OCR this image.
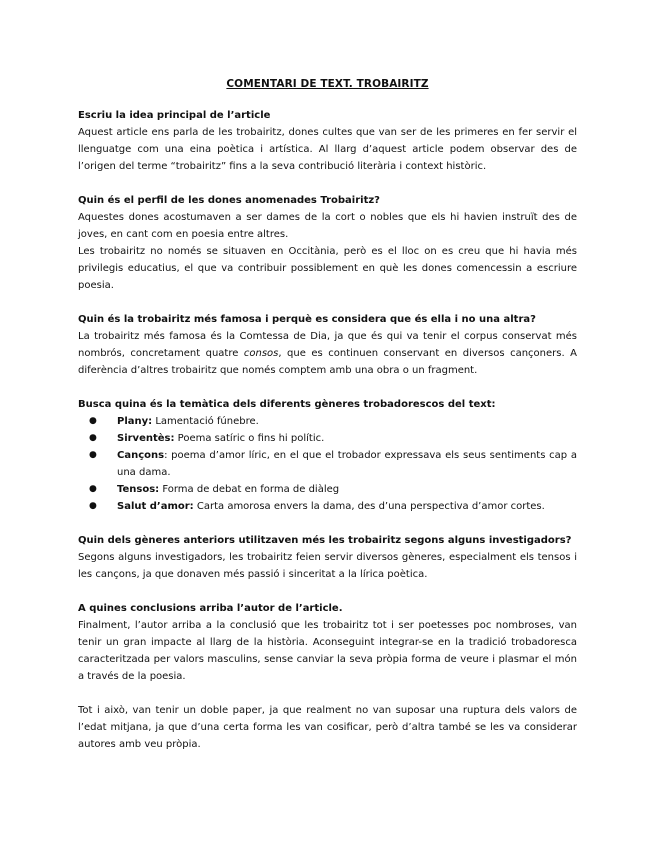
COMENTARI DE TEXT. TROBAIRITZ

Escriu la idea principal de l’article

Aquest article ens parla de les trobairitz, dones cultes que van ser de les primeres en fer servir el llenguatge com una eina poètica i artística. Al llarg d’aquest article podem observar des de l’origen del terme “trobairitz” fins a la seva contribució literària i context històric.

Quin és el perfil de les dones anomenades Trobairitz?

Aquestes dones acostumaven a ser dames de la cort o nobles que els hi havien instruït des de joves, en cant com en poesia entre altres.

Les trobairitz no només se situaven en Occitània, però es el lloc on es creu que hi havia més privilegis educatius, el que va contribuir possiblement en què les dones comencessin a escriure poesia.

Quin és la trobairitz més famosa i perquè es considera que és ella i no una altra?

La trobairitz més famosa és la Comtessa de Dia, ja que és qui va tenir el corpus conservat més nombrós, concretament quatre consos, que es continuen conservant en diversos cançoners. A diferència d’altres trobairitz que només comptem amb una obra o un fragment.

Busca quina és la temàtica dels diferents gèneres trobadorescos del text:

● Plany: Lamentació fúnebre.
● Sirventès: Poema satíric o fins hi polític.
● Cançons: poema d’amor líric, en el que el trobador expressava els seus sentiments cap a una dama.
● Tensos: Forma de debat en forma de diàleg
● Salut d’amor: Carta amorosa envers la dama, des d’una perspectiva d’amor cortes.

Quin dels gèneres anteriors utilitzaven més les trobairitz segons alguns investigadors?

Segons alguns investigadors, les trobairitz feien servir diversos gèneres, especialment els tensos i les cançons, ja que donaven més passió i sinceritat a la lírica poètica.

A quines conclusions arriba l’autor de l’article.

Finalment, l’autor arriba a la conclusió que les trobairitz tot i ser poetesses poc nombroses, van tenir un gran impacte al llarg de la història. Aconseguint integrar-se en la tradició trobadoresca caracteritzada per valors masculins, sense canviar la seva pròpia forma de veure i plasmar el món a través de la poesia.

Tot i això, van tenir un doble paper, ja que realment no van suposar una ruptura dels valors de l’edat mitjana, ja que d’una certa forma les van cosificar, però d’altra també se les va considerar autores amb veu pròpia.
